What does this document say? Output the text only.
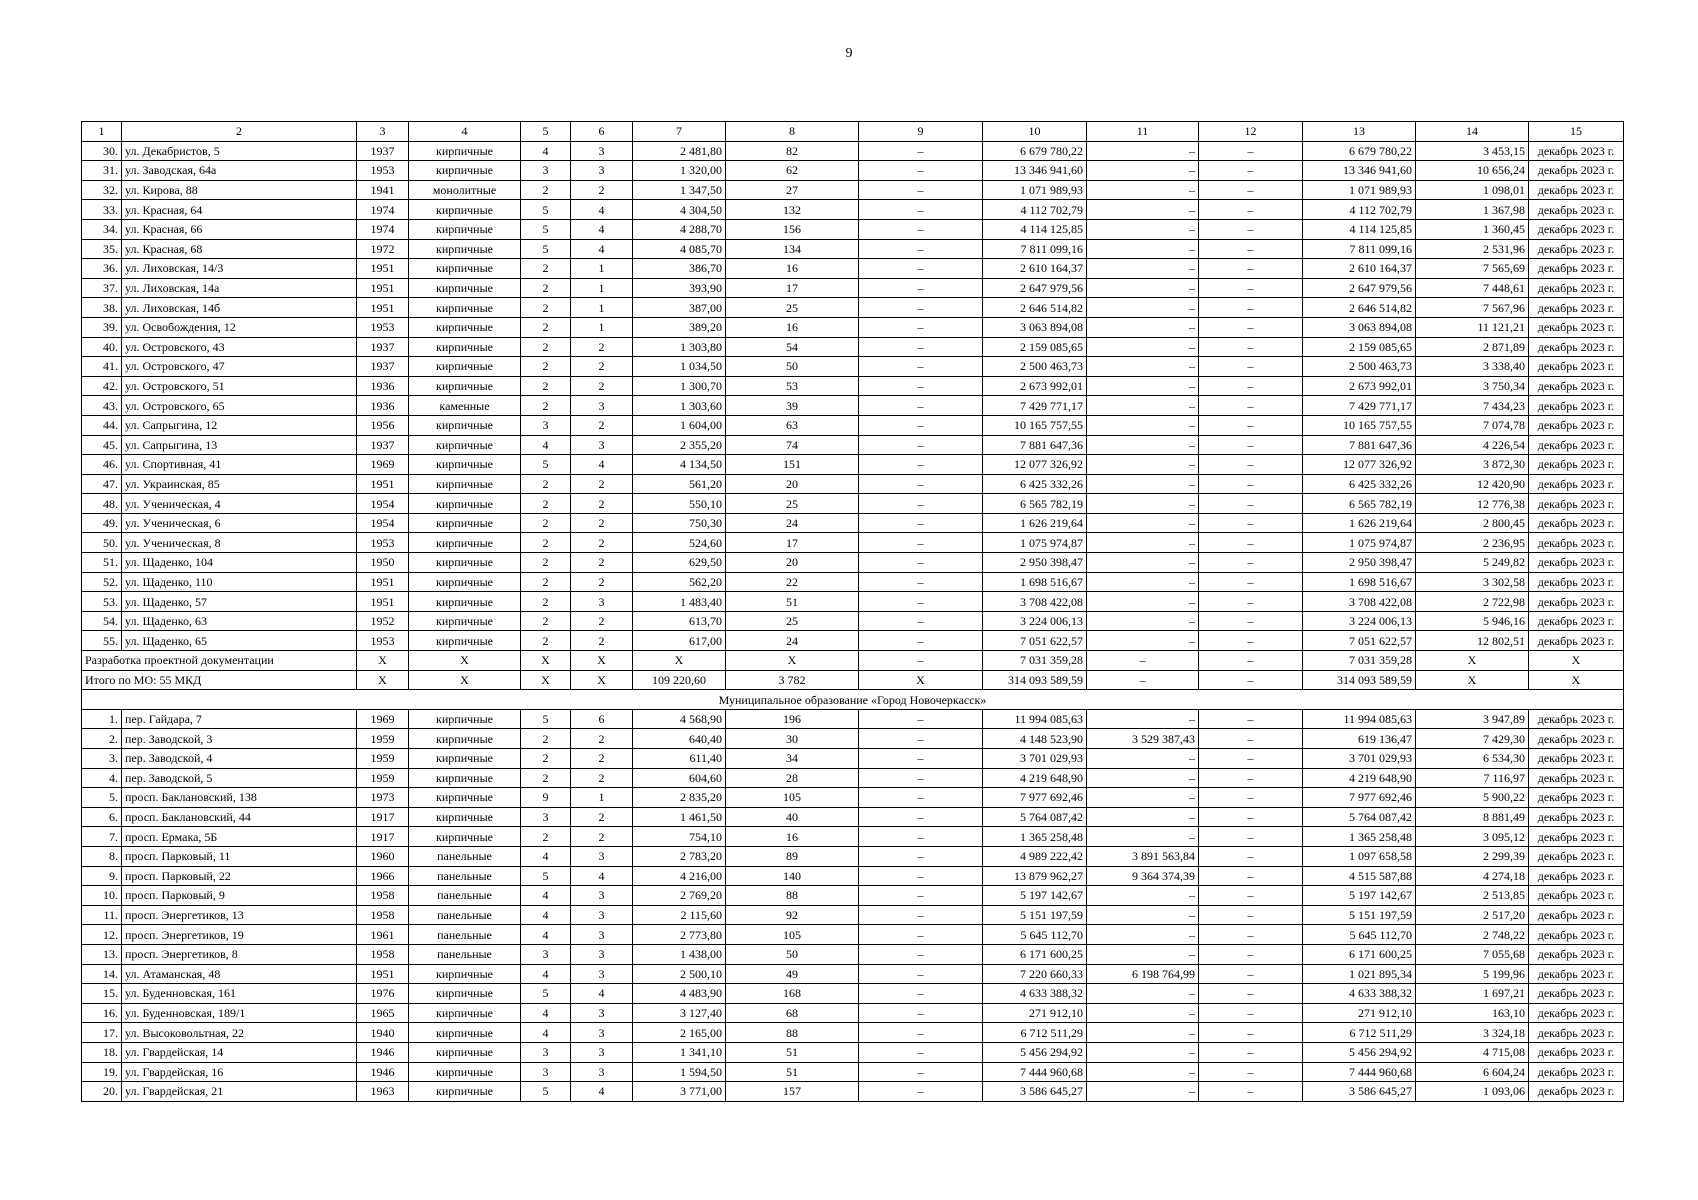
9
1	2	3	4	5	6	7	8	9	10	11	12	13	14	15
30.	ул. Декабристов, 5	1937	кирпичные	4	3	2 481,80	82	–	6 679 780,22	–	–	6 679 780,22	3 453,15	декабрь 2023 г.
31.	ул. Заводская, 64а	1953	кирпичные	3	3	1 320,00	62	–	13 346 941,60	–	–	13 346 941,60	10 656,24	декабрь 2023 г.
32.	ул. Кирова, 88	1941	монолитные	2	2	1 347,50	27	–	1 071 989,93	–	–	1 071 989,93	1 098,01	декабрь 2023 г.
33.	ул. Красная, 64	1974	кирпичные	5	4	4 304,50	132	–	4 112 702,79	–	–	4 112 702,79	1 367,98	декабрь 2023 г.
34.	ул. Красная, 66	1974	кирпичные	5	4	4 288,70	156	–	4 114 125,85	–	–	4 114 125,85	1 360,45	декабрь 2023 г.
35.	ул. Красная, 68	1972	кирпичные	5	4	4 085,70	134	–	7 811 099,16	–	–	7 811 099,16	2 531,96	декабрь 2023 г.
36.	ул. Лиховская, 14/3	1951	кирпичные	2	1	386,70	16	–	2 610 164,37	–	–	2 610 164,37	7 565,69	декабрь 2023 г.
37.	ул. Лиховская, 14а	1951	кирпичные	2	1	393,90	17	–	2 647 979,56	–	–	2 647 979,56	7 448,61	декабрь 2023 г.
38.	ул. Лиховская, 14б	1951	кирпичные	2	1	387,00	25	–	2 646 514,82	–	–	2 646 514,82	7 567,96	декабрь 2023 г.
39.	ул. Освобождения, 12	1953	кирпичные	2	1	389,20	16	–	3 063 894,08	–	–	3 063 894,08	11 121,21	декабрь 2023 г.
40.	ул. Островского, 43	1937	кирпичные	2	2	1 303,80	54	–	2 159 085,65	–	–	2 159 085,65	2 871,89	декабрь 2023 г.
41.	ул. Островского, 47	1937	кирпичные	2	2	1 034,50	50	–	2 500 463,73	–	–	2 500 463,73	3 338,40	декабрь 2023 г.
42.	ул. Островского, 51	1936	кирпичные	2	2	1 300,70	53	–	2 673 992,01	–	–	2 673 992,01	3 750,34	декабрь 2023 г.
43.	ул. Островского, 65	1936	каменные	2	3	1 303,60	39	–	7 429 771,17	–	–	7 429 771,17	7 434,23	декабрь 2023 г.
44.	ул. Сапрыгина, 12	1956	кирпичные	3	2	1 604,00	63	–	10 165 757,55	–	–	10 165 757,55	7 074,78	декабрь 2023 г.
45.	ул. Сапрыгина, 13	1937	кирпичные	4	3	2 355,20	74	–	7 881 647,36	–	–	7 881 647,36	4 226,54	декабрь 2023 г.
46.	ул. Спортивная, 41	1969	кирпичные	5	4	4 134,50	151	–	12 077 326,92	–	–	12 077 326,92	3 872,30	декабрь 2023 г.
47.	ул. Украинская, 85	1951	кирпичные	2	2	561,20	20	–	6 425 332,26	–	–	6 425 332,26	12 420,90	декабрь 2023 г.
48.	ул. Ученическая, 4	1954	кирпичные	2	2	550,10	25	–	6 565 782,19	–	–	6 565 782,19	12 776,38	декабрь 2023 г.
49.	ул. Ученическая, 6	1954	кирпичные	2	2	750,30	24	–	1 626 219,64	–	–	1 626 219,64	2 800,45	декабрь 2023 г.
50.	ул. Ученическая, 8	1953	кирпичные	2	2	524,60	17	–	1 075 974,87	–	–	1 075 974,87	2 236,95	декабрь 2023 г.
51.	ул. Щаденко, 104	1950	кирпичные	2	2	629,50	20	–	2 950 398,47	–	–	2 950 398,47	5 249,82	декабрь 2023 г.
52.	ул. Щаденко, 110	1951	кирпичные	2	2	562,20	22	–	1 698 516,67	–	–	1 698 516,67	3 302,58	декабрь 2023 г.
53.	ул. Щаденко, 57	1951	кирпичные	2	3	1 483,40	51	–	3 708 422,08	–	–	3 708 422,08	2 722,98	декабрь 2023 г.
54.	ул. Щаденко, 63	1952	кирпичные	2	2	613,70	25	–	3 224 006,13	–	–	3 224 006,13	5 946,16	декабрь 2023 г.
55.	ул. Щаденко, 65	1953	кирпичные	2	2	617,00	24	–	7 051 622,57	–	–	7 051 622,57	12 802,51	декабрь 2023 г.
Разработка проектной документации		X	X	X	X	X	X	–	7 031 359,28	–	–	7 031 359,28	X	X
Итого по МО: 55 МКД		X	X	X	X	109 220,60	3 782	X	314 093 589,59	–	–	314 093 589,59	X	X
Муниципальное образование «Город Новочеркасск»														
1.	пер. Гайдара, 7	1969	кирпичные	5	6	4 568,90	196	–	11 994 085,63	–	–	11 994 085,63	3 947,89	декабрь 2023 г.
2.	пер. Заводской, 3	1959	кирпичные	2	2	640,40	30	–	4 148 523,90	3 529 387,43	–	619 136,47	7 429,30	декабрь 2023 г.
3.	пер. Заводской, 4	1959	кирпичные	2	2	611,40	34	–	3 701 029,93	–	–	3 701 029,93	6 534,30	декабрь 2023 г.
4.	пер. Заводской, 5	1959	кирпичные	2	2	604,60	28	–	4 219 648,90	–	–	4 219 648,90	7 116,97	декабрь 2023 г.
5.	просп. Баклановский, 138	1973	кирпичные	9	1	2 835,20	105	–	7 977 692,46	–	–	7 977 692,46	5 900,22	декабрь 2023 г.
6.	просп. Баклановский, 44	1917	кирпичные	3	2	1 461,50	40	–	5 764 087,42	–	–	5 764 087,42	8 881,49	декабрь 2023 г.
7.	просп. Ермака, 5Б	1917	кирпичные	2	2	754,10	16	–	1 365 258,48	–	–	1 365 258,48	3 095,12	декабрь 2023 г.
8.	просп. Парковый, 11	1960	панельные	4	3	2 783,20	89	–	4 989 222,42	3 891 563,84	–	1 097 658,58	2 299,39	декабрь 2023 г.
9.	просп. Парковый, 22	1966	панельные	5	4	4 216,00	140	–	13 879 962,27	9 364 374,39	–	4 515 587,88	4 274,18	декабрь 2023 г.
10.	просп. Парковый, 9	1958	панельные	4	3	2 769,20	88	–	5 197 142,67	–	–	5 197 142,67	2 513,85	декабрь 2023 г.
11.	просп. Энергетиков, 13	1958	панельные	4	3	2 115,60	92	–	5 151 197,59	–	–	5 151 197,59	2 517,20	декабрь 2023 г.
12.	просп. Энергетиков, 19	1961	панельные	4	3	2 773,80	105	–	5 645 112,70	–	–	5 645 112,70	2 748,22	декабрь 2023 г.
13.	просп. Энергетиков, 8	1958	панельные	3	3	1 438,00	50	–	6 171 600,25	–	–	6 171 600,25	7 055,68	декабрь 2023 г.
14.	ул. Атаманская, 48	1951	кирпичные	4	3	2 500,10	49	–	7 220 660,33	6 198 764,99	–	1 021 895,34	5 199,96	декабрь 2023 г.
15.	ул. Буденновская, 161	1976	кирпичные	5	4	4 483,90	168	–	4 633 388,32	–	–	4 633 388,32	1 697,21	декабрь 2023 г.
16.	ул. Буденновская, 189/1	1965	кирпичные	4	3	3 127,40	68	–	271 912,10	–	–	271 912,10	163,10	декабрь 2023 г.
17.	ул. Высоковольтная, 22	1940	кирпичные	4	3	2 165,00	88	–	6 712 511,29	–	–	6 712 511,29	3 324,18	декабрь 2023 г.
18.	ул. Гвардейская, 14	1946	кирпичные	3	3	1 341,10	51	–	5 456 294,92	–	–	5 456 294,92	4 715,08	декабрь 2023 г.
19.	ул. Гвардейская, 16	1946	кирпичные	3	3	1 594,50	51	–	7 444 960,68	–	–	7 444 960,68	6 604,24	декабрь 2023 г.
20.	ул. Гвардейская, 21	1963	кирпичные	5	4	3 771,00	157	–	3 586 645,27	–	–	3 586 645,27	1 093,06	декабрь 2023 г.
